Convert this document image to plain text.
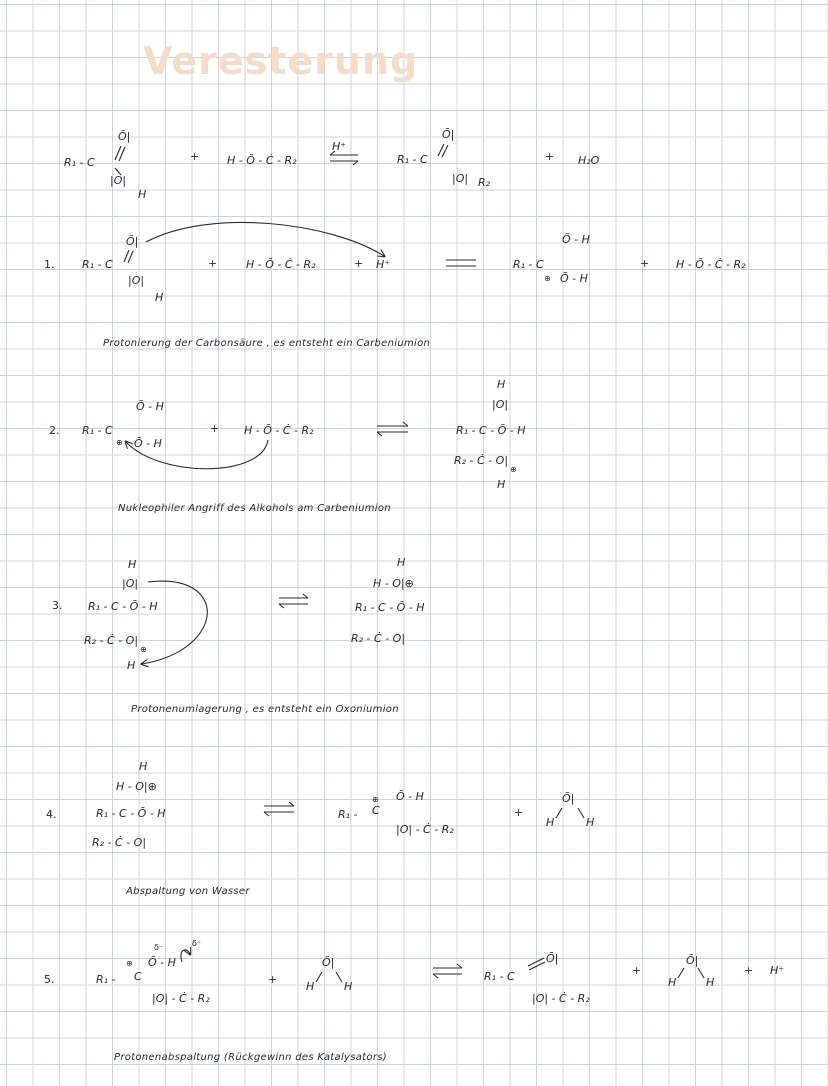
Veresterung
R₁ - C
Ō|
|O|
H
+	H - Ō - Ċ - R₂
H⁺
R₁ - C
Ō|
|O| R₂
+ H₂O
1.	R₁ - C
Ō|
|O|
H
+	H - Ō - Ċ - R₂	+ H⁺	R₁ - C
Ō - H
Ō - H
⊕
+ H - Ō - Ċ - R₂
Protonierung der Carbonsäure , es entsteht ein Carbeniumion
2. R₁ - C
Ō - H
Ō - H
⊕
+ H - Ō - Ċ - R₂
H
|O|
R₁ - C - Ō - H
R₂ - Ċ - O|
⊕
H
Nukleophiler Angriff des Alkohols am Carbeniumion
3.
H
|O|
R₁ - C - Ō - H
R₂ - Ċ - O|
⊕
H
H
H - O|⊕
R₁ - C - Ō - H
R₂ - Ċ - O|
Protonenumlagerung , es entsteht ein Oxoniumion
4.
H
H - O|⊕
R₁ - C - Ō - H
R₂ - Ċ - O|
R₁ - C
⊕ Ō - H
|O| - Ċ - R₂
+
Ō|
H	H
Abspaltung von Wasser
5.	R₁ - C
⊕
δ⁻	δ⁺
Ō - H
|O| - Ċ - R₂
+
Ō|
H	H
R₁ - C
Ō|
|O| - Ċ - R₂
+
Ō|
H	H
+ H⁺
Protonenabspaltung (Rückgewinn des Katalysators)
